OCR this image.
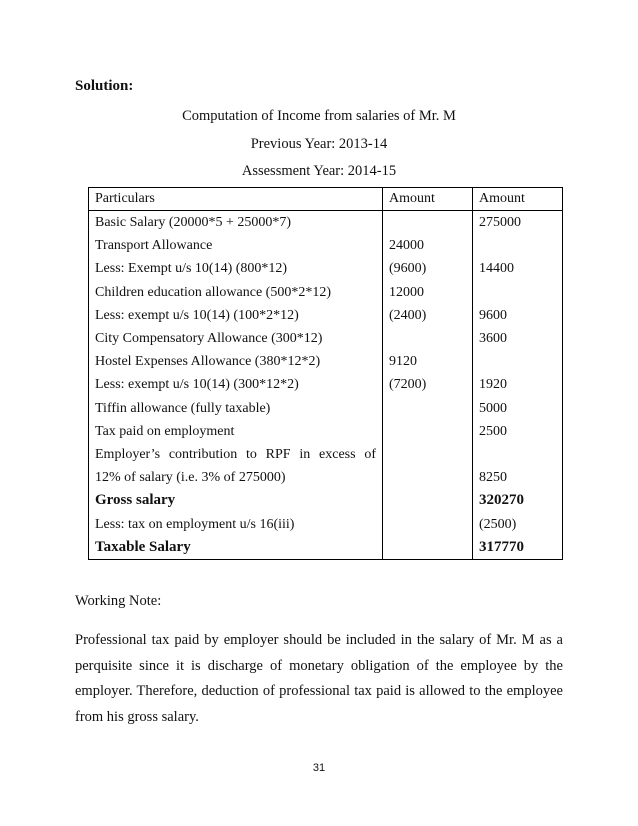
Solution:
Computation of Income from salaries of Mr. M
Previous Year: 2013-14
Assessment Year: 2014-15
Particulars	Amount	Amount
Basic Salary (20000*5 + 25000*7)		275000
Transport Allowance	24000	
Less: Exempt u/s 10(14) (800*12)	(9600)	14400
Children education allowance (500*2*12)	12000	
Less: exempt u/s 10(14) (100*2*12)	(2400)	9600
City Compensatory Allowance (300*12)		3600
Hostel Expenses Allowance (380*12*2)	9120	
Less: exempt u/s 10(14) (300*12*2)	(7200)	1920
Tiffin allowance (fully taxable)		5000
Tax paid on employment		2500
Employer’s contribution to RPF in excess of		
12% of salary (i.e. 3% of 275000)		8250
Gross salary		320270
Less: tax on employment u/s 16(iii)		(2500)
Taxable Salary		317770
Working Note:
Professional tax paid by employer should be included in the salary of Mr. M as a perquisite since it is discharge of monetary obligation of the employee by the employer. Therefore, deduction of professional tax paid is allowed to the employee from his gross salary.
31
